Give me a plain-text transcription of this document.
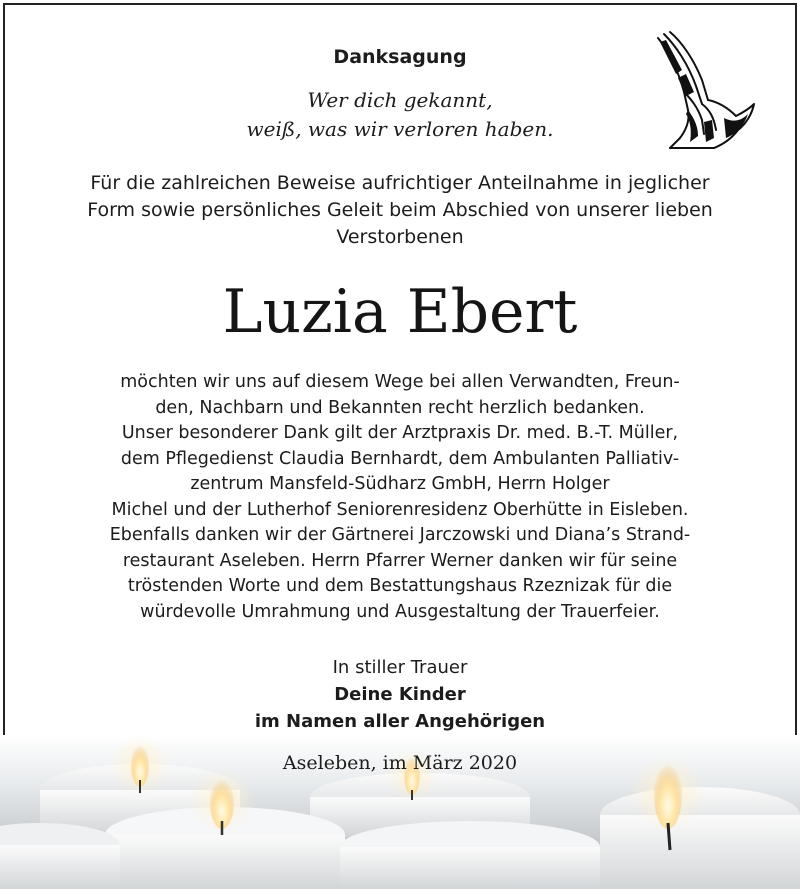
Danksagung
Wer dich gekannt,
weiß, was wir verloren haben.
Für die zahlreichen Beweise aufrichtiger Anteilnahme in jeglicher
Form sowie persönliches Geleit beim Abschied von unserer lieben
Verstorbenen
Luzia Ebert
möchten wir uns auf diesem Wege bei allen Verwandten, Freun-
den, Nachbarn und Bekannten recht herzlich bedanken.
Unser besonderer Dank gilt der Arztpraxis Dr. med. B.-T. Müller,
dem Pflegedienst Claudia Bernhardt, dem Ambulanten Palliativ-
zentrum Mansfeld-Südharz GmbH, Herrn Holger
Michel und der Lutherhof Seniorenresidenz Oberhütte in Eisleben.
Ebenfalls danken wir der Gärtnerei Jarczowski und Diana’s Strand-
restaurant Aseleben. Herrn Pfarrer Werner danken wir für seine
tröstenden Worte und dem Bestattungshaus Rzeznizak für die
würdevolle Umrahmung und Ausgestaltung der Trauerfeier.
In stiller Trauer
Deine Kinder
im Namen aller Angehörigen
Aseleben, im März 2020
